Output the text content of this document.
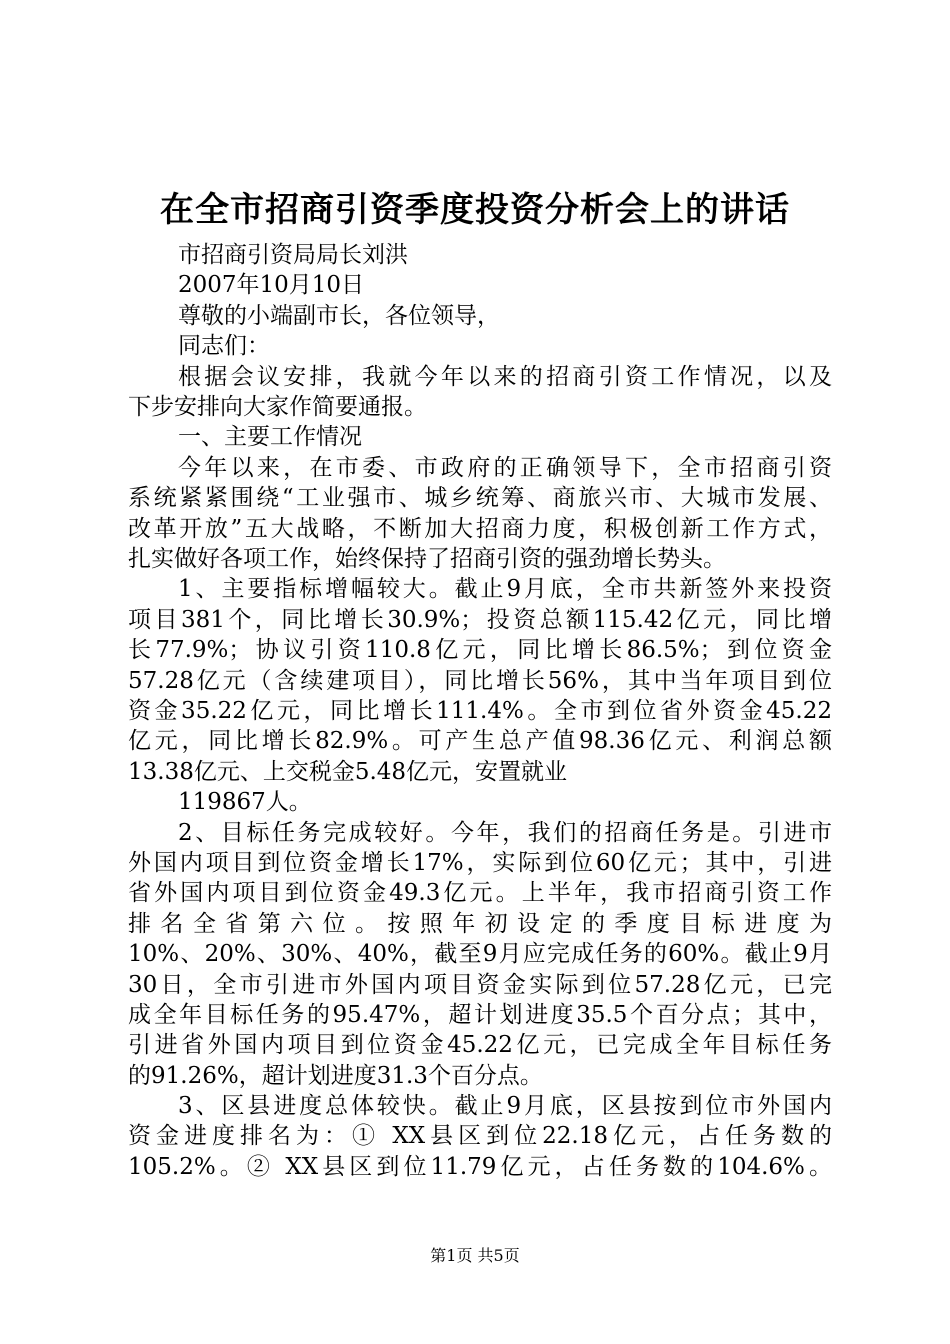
在全市招商引资季度投资分析会上的讲话
市招商引资局局长刘洪
2007年10月10日
尊敬的小端副市长，各位领导，
同志们：
根据会议安排，我就今年以来的招商引资工作情况，以及
下步安排向大家作简要通报。
一、主要工作情况
今年以来，在市委、市政府的正确领导下，全市招商引资
系统紧紧围绕“工业强市、城乡统筹、商旅兴市、大城市发展、
改革开放”五大战略，不断加大招商力度，积极创新工作方式，
扎实做好各项工作，始终保持了招商引资的强劲增长势头。
1、主要指标增幅较大。截止9月底，全市共新签外来投资
项目381个，同比增长30.9%；投资总额115.42亿元，同比增
长77.9%；协议引资110.8亿元，同比增长86.5%；到位资金
57.28亿元（含续建项目），同比增长56%，其中当年项目到位
资金35.22亿元，同比增长111.4%。全市到位省外资金45.22
亿元，同比增长82.9%。可产生总产值98.36亿元、利润总额
13.38亿元、上交税金5.48亿元，安置就业
119867人。
2、目标任务完成较好。今年，我们的招商任务是。引进市
外国内项目到位资金增长17%，实际到位60亿元；其中，引进
省外国内项目到位资金49.3亿元。上半年，我市招商引资工作
排名全省第六位。按照年初设定的季度目标进度为
10%、20%、30%、40%，截至9月应完成任务的60%。截止9月
30日，全市引进市外国内项目资金实际到位57.28亿元，已完
成全年目标任务的95.47%，超计划进度35.5个百分点；其中，
引进省外国内项目到位资金45.22亿元，已完成全年目标任务
的91.26%，超计划进度31.3个百分点。
3、区县进度总体较快。截止9月底，区县按到位市外国内
资金进度排名为：① XX县区到位22.18亿元，占任务数的
105.2%。② XX县区到位11.79亿元，占任务数的104.6%。
第1页 共5页
